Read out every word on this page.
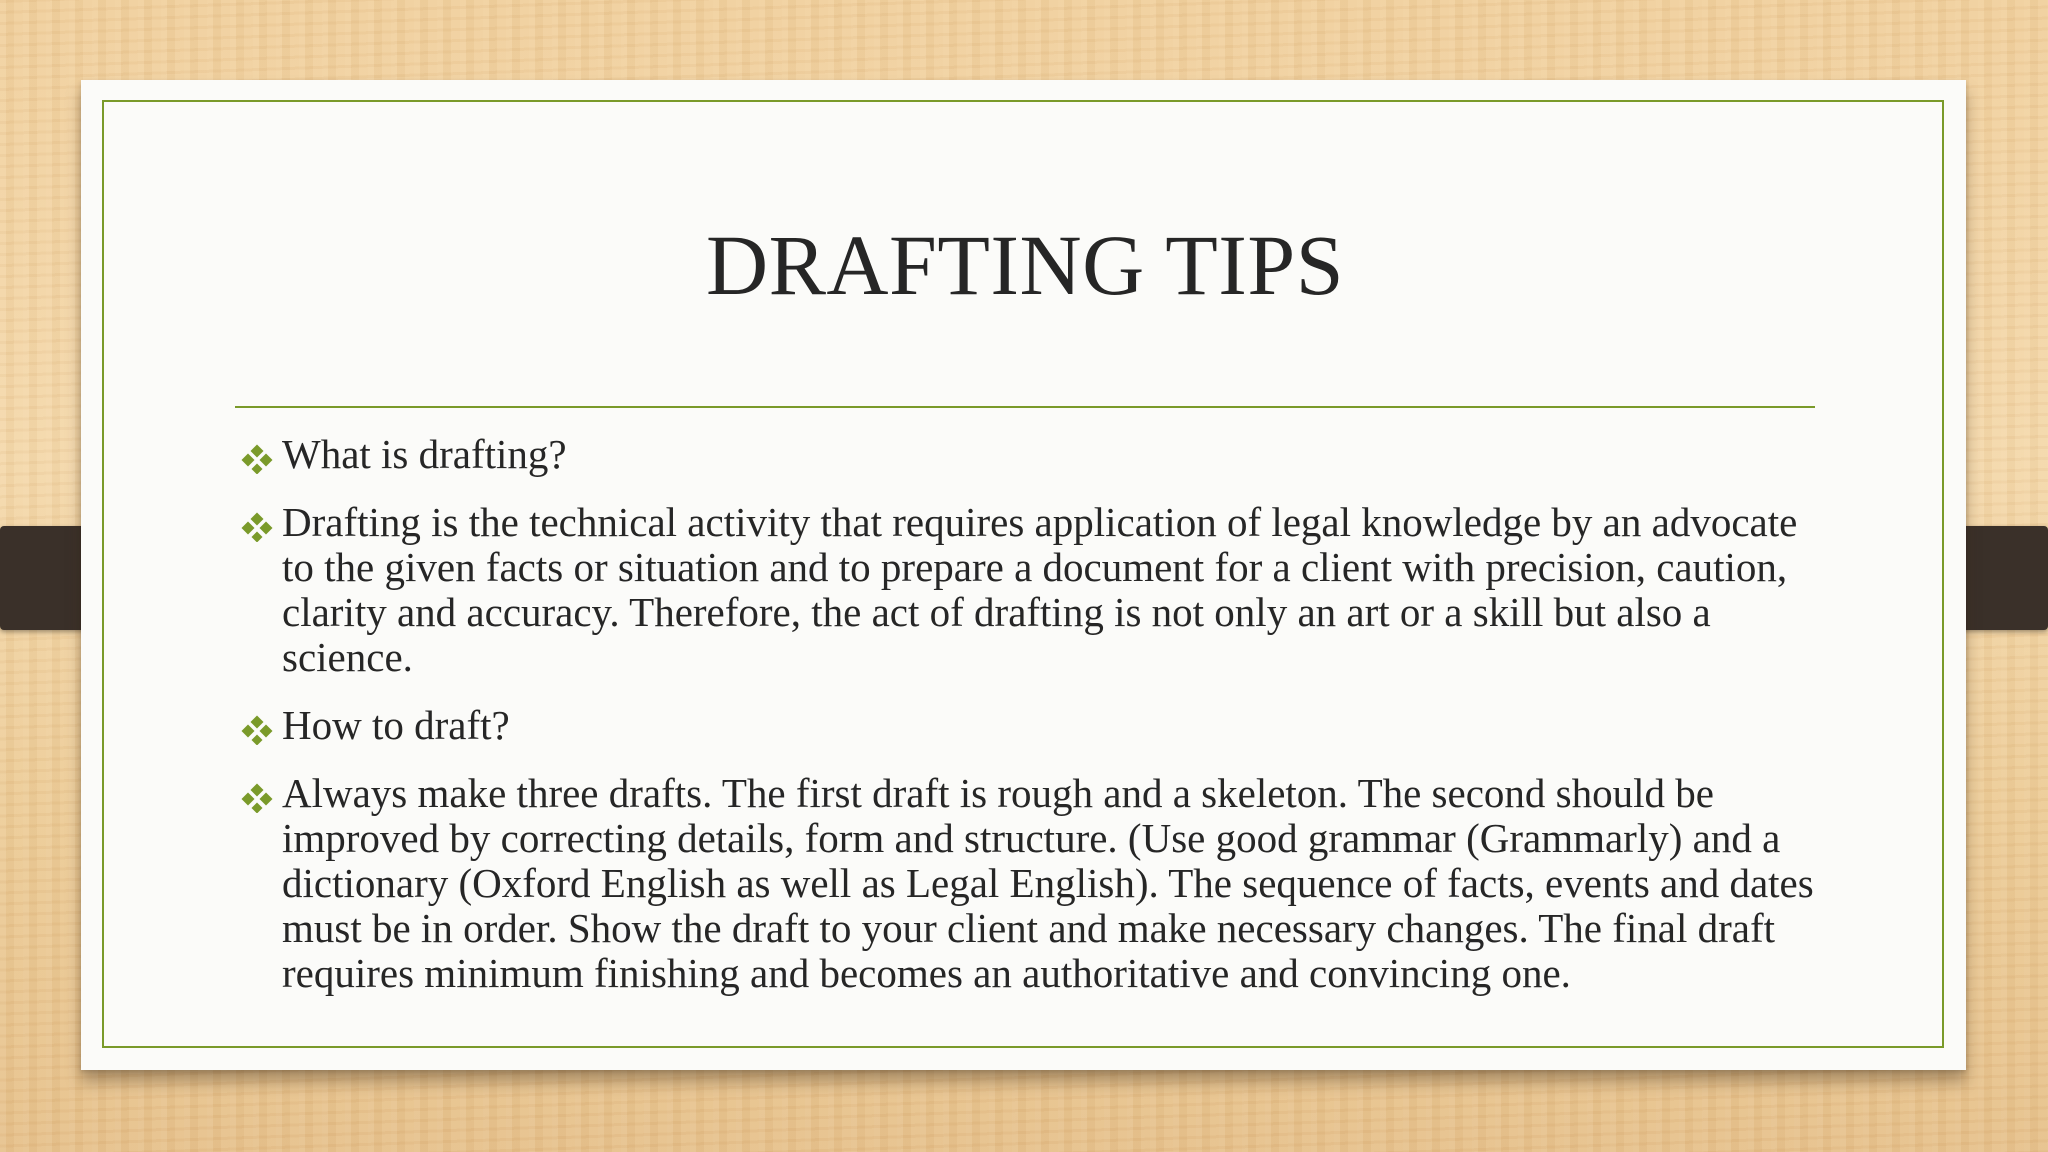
DRAFTING TIPS
What is drafting?
Drafting is the technical activity that requires application of legal knowledge by an advocate to the given facts or situation and to prepare a document for a client with precision, caution, clarity and accuracy. Therefore, the act of drafting is not only an art or a skill but also a science.
How to draft?
Always make three drafts. The first draft is rough and a skeleton. The second should be improved by correcting details, form and structure. (Use good grammar (Grammarly) and a dictionary (Oxford English as well as Legal English). The sequence of facts, events and dates must be in order. Show the draft to your client and make necessary changes. The final draft requires minimum finishing and becomes an authoritative and convincing one.
